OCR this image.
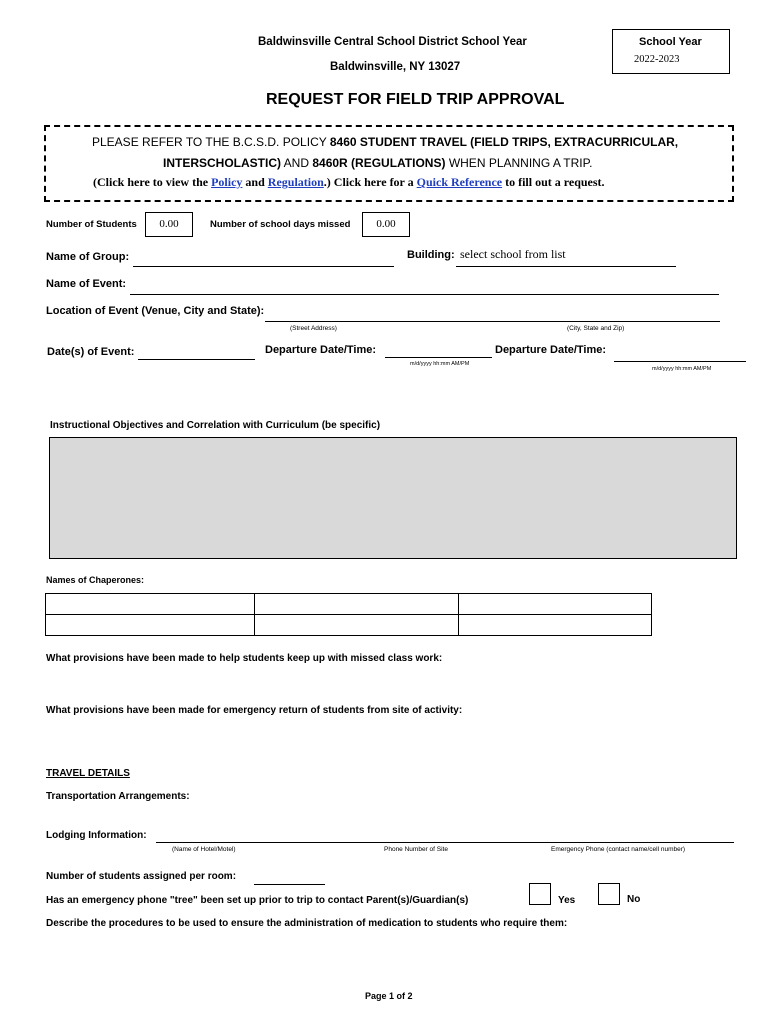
Baldwinsville Central School District School Year
Baldwinsville, NY 13027
School Year
2022-2023
REQUEST FOR FIELD TRIP APPROVAL
PLEASE REFER TO THE B.C.S.D. POLICY 8460 STUDENT TRAVEL (FIELD TRIPS, EXTRACURRICULAR,
INTERSCHOLASTIC) AND 8460R (REGULATIONS) WHEN PLANNING A TRIP.
(Click here to view the Policy and Regulation.) Click here for a Quick Reference to fill out a request.
Number of Students	0.00	Number of school days missed	0.00
Name of Group:	Building: select school from list
Name of Event:
Location of Event (Venue, City and State):
(Street Address)	(City, State and Zip)
Date(s) of Event:	Departure Date/Time:
m/d/yyyy hh:mm AM/PM
Departure Date/Time:
m/d/yyyy hh:mm AM/PM
Instructional Objectives and Correlation with Curriculum (be specific)
Names of Chaperones:

What provisions have been made to help students keep up with missed class work:
What provisions have been made for emergency return of students from site of activity:
TRAVEL DETAILS
Transportation Arrangements:
Lodging Information:
(Name of Hotel/Motel)	Phone Number of Site	Emergency Phone (contact name/cell number)
Number of students assigned per room:
Has an emergency phone "tree" been set up prior to trip to contact Parent(s)/Guardian(s)	Yes	No
Describe the procedures to be used to ensure the administration of medication to students who require them:
Page 1 of 2
